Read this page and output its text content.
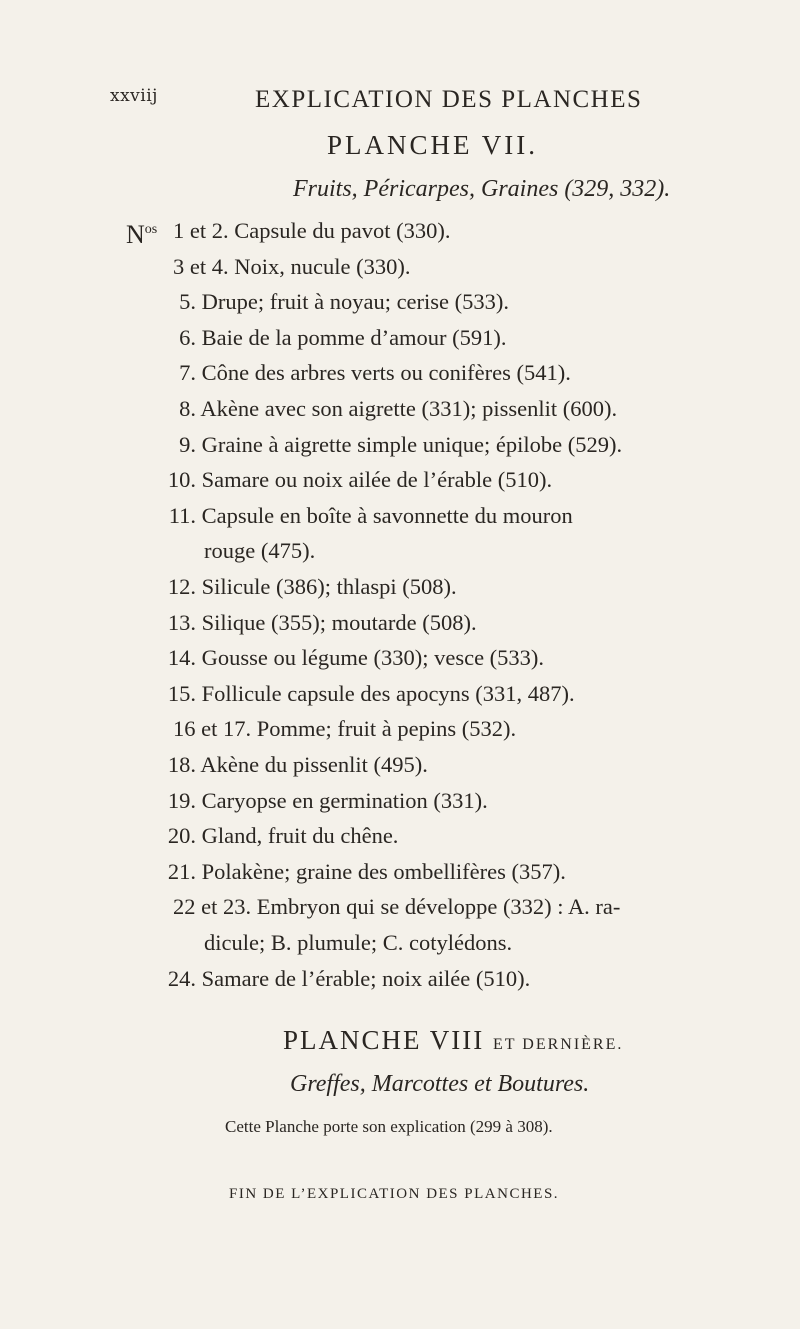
xxviij	EXPLICATION DES PLANCHES
PLANCHE VII.
Fruits, Péricarpes, Graines (329, 332).
$N^{os}$ 1 et 2. Capsule du pavot (330).
3 et 4. Noix, nucule (330).
5. Drupe; fruit à noyau; cerise (533).
6. Baie de la pomme d’amour (591).
7. Cône des arbres verts ou conifères (541).
8. Akène avec son aigrette (331); pissenlit (600).
9. Graine à aigrette simple unique; épilobe (529).
10. Samare ou noix ailée de l’érable (510).
11. Capsule en boîte à savonnette du mouron
rouge (475).
12. Silicule (386); thlaspi (508).
13. Silique (355); moutarde (508).
14. Gousse ou légume (330); vesce (533).
15. Follicule capsule des apocyns (331, 487).
16 et 17. Pomme; fruit à pepins (532).
18. Akène du pissenlit (495).
19. Caryopse en germination (331).
20. Gland, fruit du chêne.
21. Polakène; graine des ombellifères (357).
22 et 23. Embryon qui se développe (332) : A. ra-
dicule; B. plumule; C. cotylédons.
24. Samare de l’érable; noix ailée (510).
PLANCHE VIII ET DERNIÈRE.
Greffes, Marcottes et Boutures.
Cette Planche porte son explication (299 à 308).
FIN DE L’EXPLICATION DES PLANCHES.
